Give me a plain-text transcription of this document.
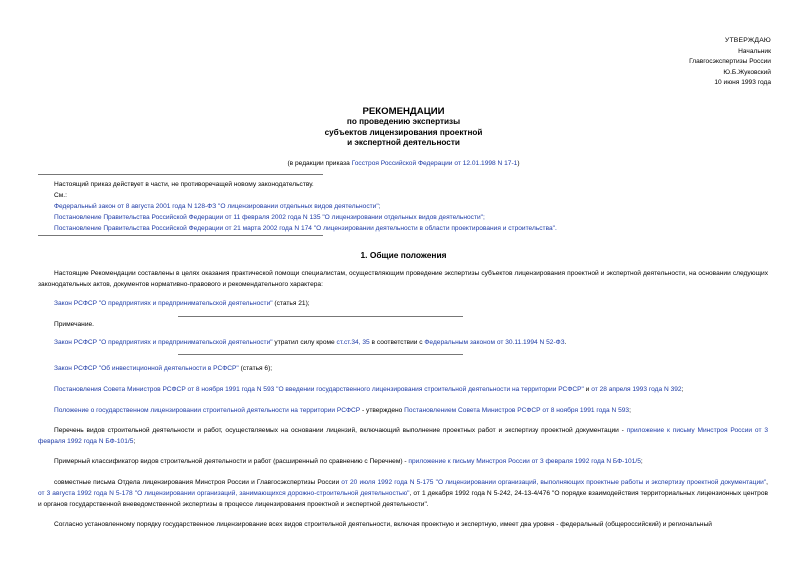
УТВЕРЖДАЮ
Начальник
Главгосэкспертизы России
Ю.Б.Жуковский
10 июня 1993 года
РЕКОМЕНДАЦИИ
по проведению экспертизы
субъектов лицензирования проектной
и экспертной деятельности
(в редакции приказа Госстроя Российской Федерации от 12.01.1998 N 17-1)
Настоящий приказ действует в части, не противоречащей новому законодательству.
См.:
Федеральный закон от 8 августа 2001 года N 128-ФЗ "О лицензировании отдельных видов деятельности";
Постановление Правительства Российской Федерации от 11 февраля 2002 года N 135 "О лицензировании отдельных видов деятельности";
Постановление Правительства Российской Федерации от 21 марта 2002 года N 174 "О лицензировании деятельности в области проектирования и строительства".
1. Общие положения
Настоящие Рекомендации составлены в целях оказания практической помощи специалистам, осуществляющим проведение экспертизы субъектов лицензирования проектной и экспертной деятельности, на основании следующих законодательных актов, документов нормативно-правового и рекомендательного характера:
Закон РСФСР "О предприятиях и предпринимательской деятельности" (статья 21);
Примечание.
Закон РСФСР "О предприятиях и предпринимательской деятельности" утратил силу кроме ст.ст.34, 35 в соответствии с Федеральным законом от 30.11.1994 N 52-ФЗ.
Закон РСФСР "Об инвестиционной деятельности в РСФСР" (статья 6);
Постановления Совета Министров РСФСР от 8 ноября 1991 года N 593 "О введении государственного лицензирования строительной деятельности на территории РСФСР" и от 28 апреля 1993 года N 392;
Положение о государственном лицензировании строительной деятельности на территории РСФСР - утверждено Постановлением Совета Министров РСФСР от 8 ноября 1991 года N 593;
Перечень видов строительной деятельности и работ, осуществляемых на основании лицензий, включающий выполнение проектных работ и экспертизу проектной документации - приложение к письму Минстроя России от 3 февраля 1992 года N БФ-101/5;
Примерный классификатор видов строительной деятельности и работ (расширенный по сравнению с Перечнем) - приложение к письму Минстроя России от 3 февраля 1992 года N БФ-101/5;
совместные письма Отдела лицензирования Минстроя России и Главгосэкспертизы России от 20 июля 1992 года N 5-175 "О лицензировании организаций, выполняющих проектные работы и экспертизу проектной документации", от 3 августа 1992 года N 5-178 "О лицензировании организаций, занимающихся дорожно-строительной деятельностью", от 1 декабря 1992 года N 5-242, 24-13-4/476 "О порядке взаимодействия территориальных лицензионных центров и органов государственной вневедомственной экспертизы в процессе лицензирования проектной и экспертной деятельности".
Согласно установленному порядку государственное лицензирование всех видов строительной деятельности, включая проектную и экспертную, имеет два уровня - федеральный (общероссийский) и региональный
